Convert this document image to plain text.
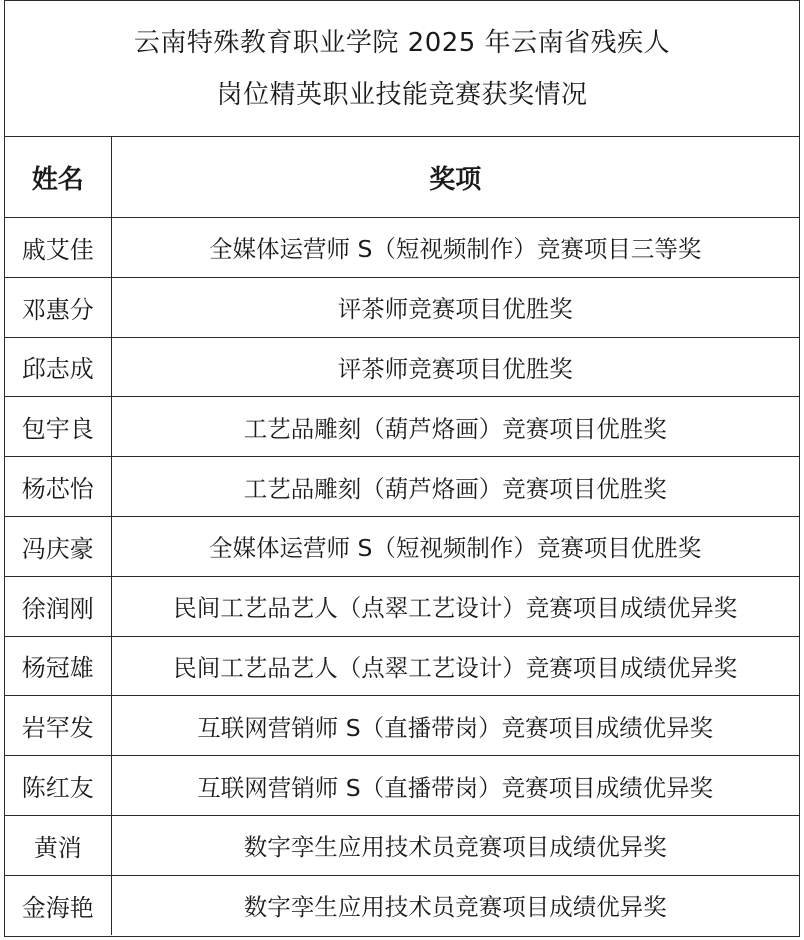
云南特殊教育职业学院 2025 年云南省残疾人
岗位精英职业技能竞赛获奖情况
姓名	奖项
戚艾佳	全媒体运营师 S（短视频制作）竞赛项目三等奖
邓惠分	评茶师竞赛项目优胜奖
邱志成	评茶师竞赛项目优胜奖
包宇良	工艺品雕刻（葫芦烙画）竞赛项目优胜奖
杨芯怡	工艺品雕刻（葫芦烙画）竞赛项目优胜奖
冯庆豪	全媒体运营师 S（短视频制作）竞赛项目优胜奖
徐润刚	民间工艺品艺人（点翠工艺设计）竞赛项目成绩优异奖
杨冠雄	民间工艺品艺人（点翠工艺设计）竞赛项目成绩优异奖
岩罕发	互联网营销师 S（直播带岗）竞赛项目成绩优异奖
陈红友	互联网营销师 S（直播带岗）竞赛项目成绩优异奖
黄消	数字孪生应用技术员竞赛项目成绩优异奖
金海艳	数字孪生应用技术员竞赛项目成绩优异奖
